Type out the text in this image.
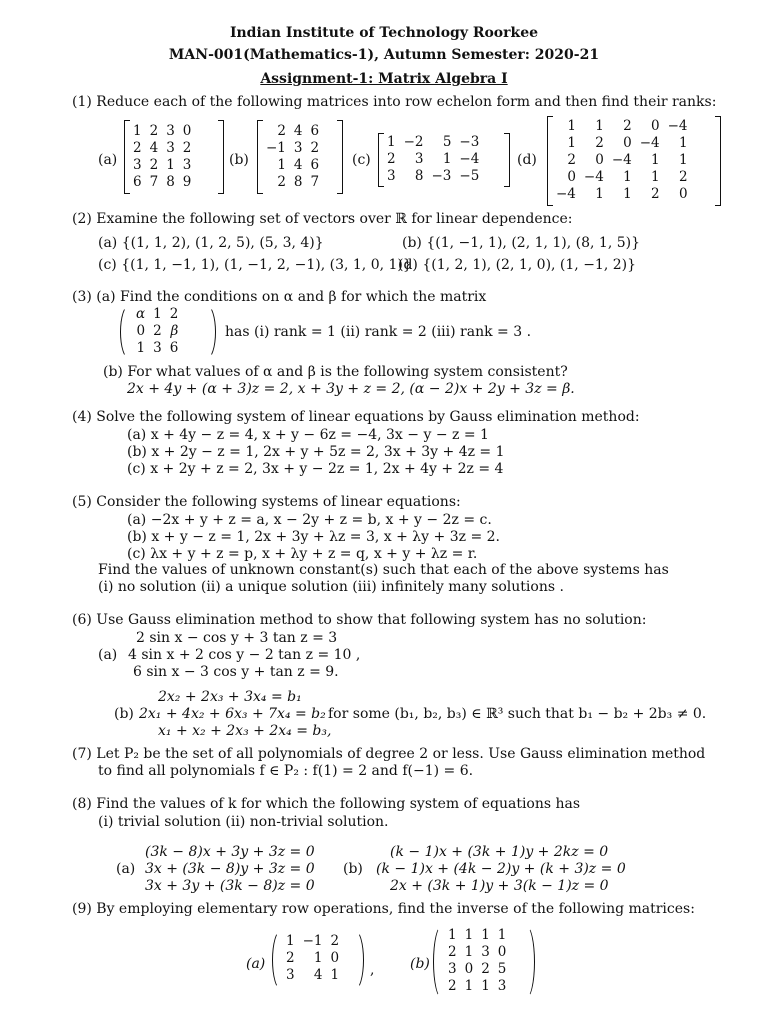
Indian Institute of Technology Roorkee
MAN-001(Mathematics-1), Autumn Semester: 2020-21
Assignment-1: Matrix Algebra I
(1) Reduce each of the following matrices into row echelon form and then find their ranks:
(a)
1	2	3	0
2	4	3	2
3	2	1	3
6	7	8	9
(b)
2	4	6
−1	3	2
1	4	6
2	8	7
(c)
1	−2	5	−3
2	3	1	−4
3	8	−3	−5
(d)
1	1	2	0	−4
1	2	0	−4	1
2	0	−4	1	1
0	−4	1	1	2
−4	1	1	2	0
(2) Examine the following set of vectors over ℝ for linear dependence:
(a) {(1, 1, 2), (1, 2, 5), (5, 3, 4)}	(b) {(1, −1, 1), (2, 1, 1), (8, 1, 5)}
(c) {(1, 1, −1, 1), (1, −1, 2, −1), (3, 1, 0, 1)}
(d) {(1, 2, 1), (2, 1, 0), (1, −1, 2)}
(3) (a) Find the conditions on α and β for which the matrix
α	1	2
0	2	β
1	3	6
has (i) rank = 1 (ii) rank = 2 (iii) rank = 3 .
(b) For what values of α and β is the following system consistent?
2x + 4y + (α + 3)z = 2, x + 3y + z = 2, (α − 2)x + 2y + 3z = β.
(4) Solve the following system of linear equations by Gauss elimination method:
(a) x + 4y − z = 4, x + y − 6z = −4, 3x − y − z = 1
(b) x + 2y − z = 1, 2x + y + 5z = 2, 3x + 3y + 4z = 1
(c) x + 2y + z = 2, 3x + y − 2z = 1, 2x + 4y + 2z = 4
(5) Consider the following systems of linear equations:
(a) −2x + y + z = a, x − 2y + z = b, x + y − 2z = c.
(b) x + y − z = 1, 2x + 3y + λz = 3, x + λy + 3z = 2.
(c) λx + y + z = p, x + λy + z = q, x + y + λz = r.
Find the values of unknown constant(s) such that each of the above systems has
(i) no solution (ii) a unique solution (iii) infinitely many solutions .
(6) Use Gauss elimination method to show that following system has no solution:
2 sin x − cos y + 3 tan z = 3
(a) 4 sin x + 2 cos y − 2 tan z = 10 ,
6 sin x − 3 cos y + tan z = 9.
2x₂ + 2x₃ + 3x₄ = b₁
(b) 2x₁ + 4x₂ + 6x₃ + 7x₄ = b₂ for some (b₁, b₂, b₃) ∈ ℝ³ such that b₁ − b₂ + 2b₃ ≠ 0.
x₁ + x₂ + 2x₃ + 2x₄ = b₃,
(7) Let P₂ be the set of all polynomials of degree 2 or less. Use Gauss elimination method
to find all polynomials f ∈ P₂ : f(1) = 2 and f(−1) = 6.
(8) Find the values of k for which the following system of equations has
(i) trivial solution (ii) non-trivial solution.
(3k − 8)x + 3y + 3z = 0
(a) 3x + (3k − 8)y + 3z = 0
3x + 3y + (3k − 8)z = 0
(k − 1)x + (3k + 1)y + 2kz = 0
(b) (k − 1)x + (4k − 2)y + (k + 3)z = 0
2x + (3k + 1)y + 3(k − 1)z = 0
(9) By employing elementary row operations, find the inverse of the following matrices:
(a)
1	−1	2
2	1	0
3	4	1 ,	(b)
1	1	1	1
2	1	3	0
3	0	2	5
2	1	1	3
